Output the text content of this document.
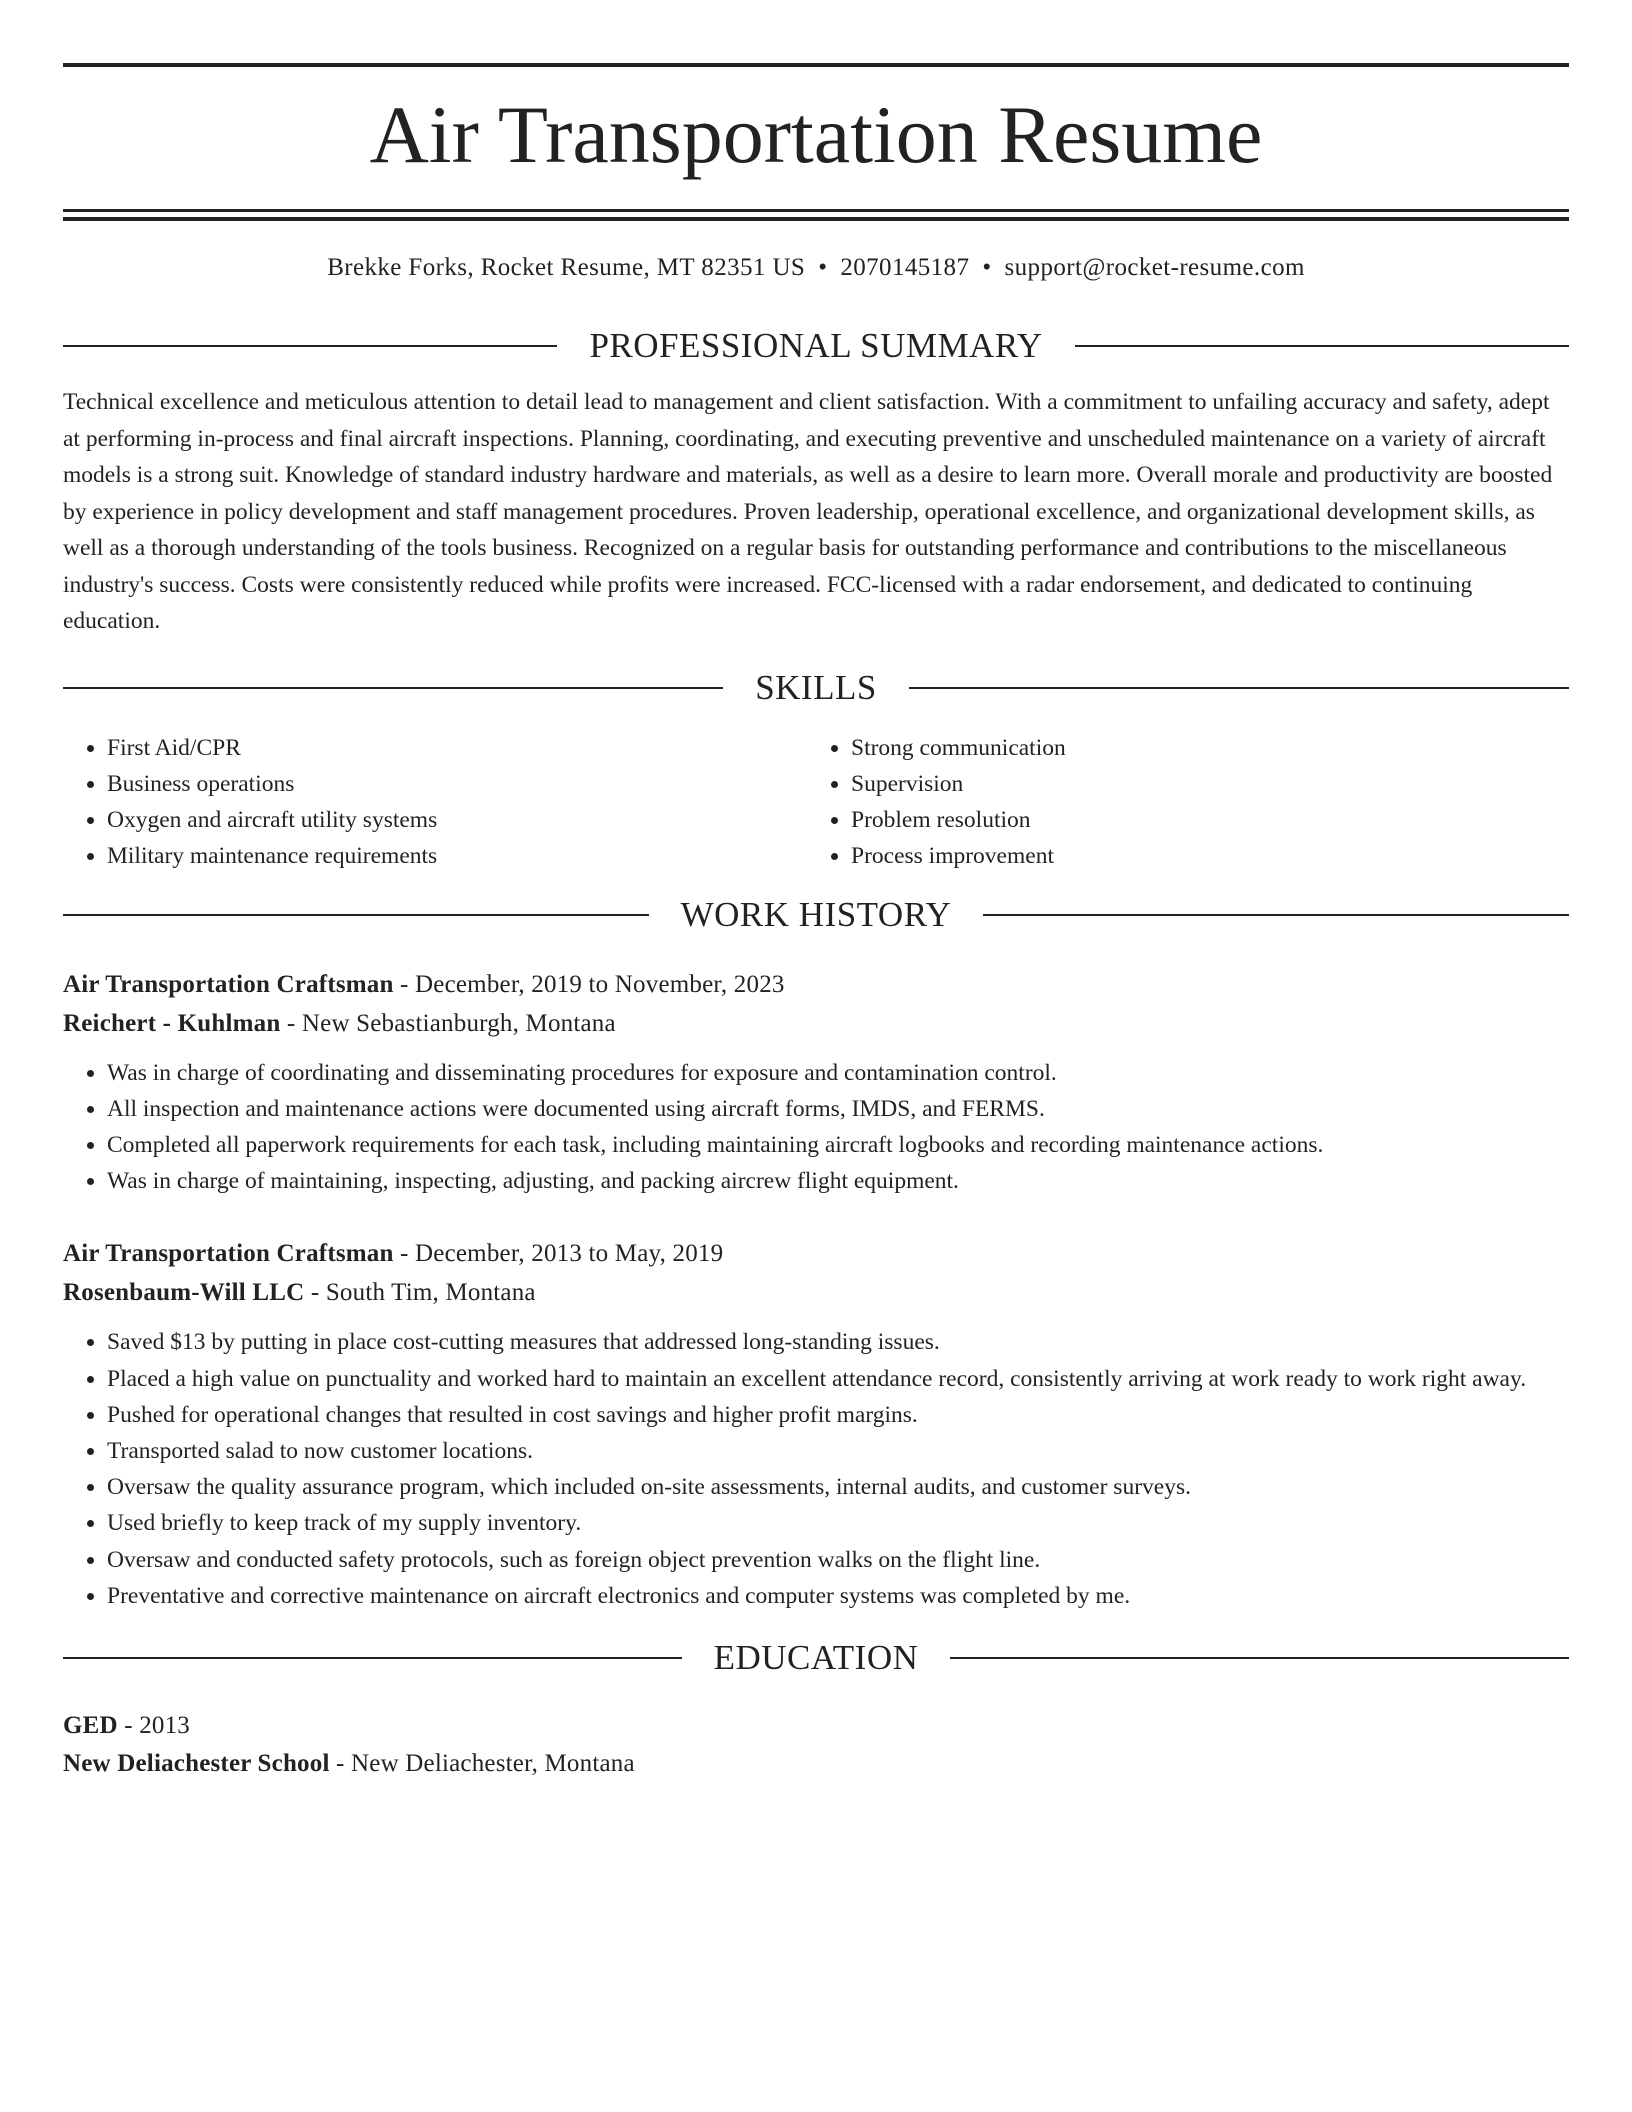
Air Transportation Resume
Brekke Forks, Rocket Resume, MT 82351 US • 2070145187 • support@rocket-resume.com
PROFESSIONAL SUMMARY

Technical excellence and meticulous attention to detail lead to management and client satisfaction. With a commitment to unfailing accuracy and safety, adept at performing in-process and final aircraft inspections. Planning, coordinating, and executing preventive and unscheduled maintenance on a variety of aircraft models is a strong suit. Knowledge of standard industry hardware and materials, as well as a desire to learn more. Overall morale and productivity are boosted by experience in policy development and staff management procedures. Proven leadership, operational excellence, and organizational development skills, as well as a thorough understanding of the tools business. Recognized on a regular basis for outstanding performance and contributions to the miscellaneous industry's success. Costs were consistently reduced while profits were increased. FCC-licensed with a radar endorsement, and dedicated to continuing education.

SKILLS
• First Aid/CPR
• Business operations
• Oxygen and aircraft utility systems
• Military maintenance requirements
• Strong communication
• Supervision
• Problem resolution
• Process improvement
WORK HISTORY
Air Transportation Craftsman - December, 2019 to November, 2023
Reichert - Kuhlman - New Sebastianburgh, Montana
• Was in charge of coordinating and disseminating procedures for exposure and contamination control.
• All inspection and maintenance actions were documented using aircraft forms, IMDS, and FERMS.
• Completed all paperwork requirements for each task, including maintaining aircraft logbooks and recording maintenance actions.
• Was in charge of maintaining, inspecting, adjusting, and packing aircrew flight equipment.
Air Transportation Craftsman - December, 2013 to May, 2019
Rosenbaum-Will LLC - South Tim, Montana
• Saved $13 by putting in place cost-cutting measures that addressed long-standing issues.
• Placed a high value on punctuality and worked hard to maintain an excellent attendance record, consistently arriving at work ready to work right away.
• Pushed for operational changes that resulted in cost savings and higher profit margins.
• Transported salad to now customer locations.
• Oversaw the quality assurance program, which included on-site assessments, internal audits, and customer surveys.
• Used briefly to keep track of my supply inventory.
• Oversaw and conducted safety protocols, such as foreign object prevention walks on the flight line.
• Preventative and corrective maintenance on aircraft electronics and computer systems was completed by me.
EDUCATION
GED - 2013
New Deliachester School - New Deliachester, Montana
